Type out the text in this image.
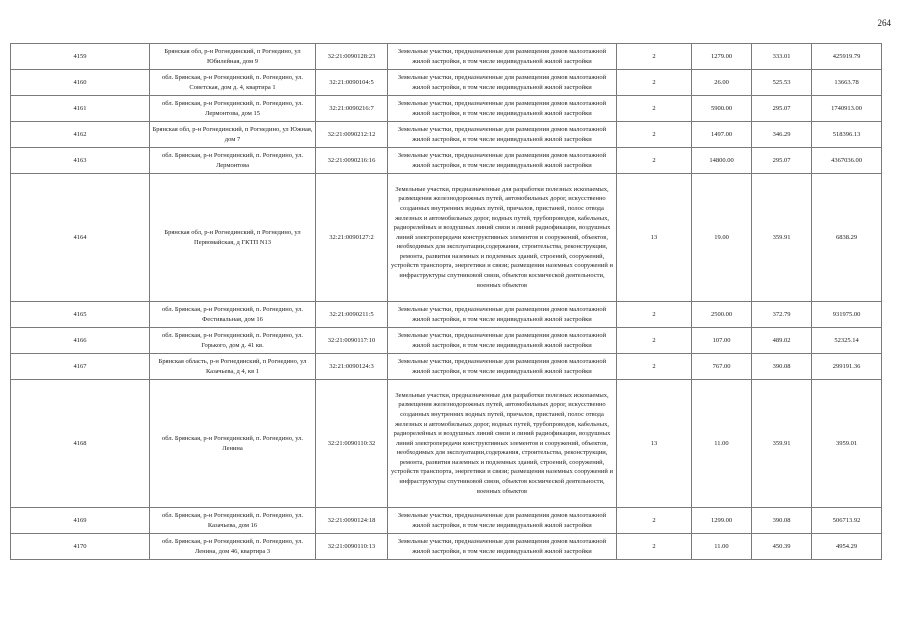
264
4159	Брянская обл, р-н Рогнединский, п Рогнедино, ул Юбилейная, дом 9	32:21:0090128:23	Земельные участки, предназначенные для размещения домов малоэтажной жилой застройки, в том числе индивидуальной жилой застройки	2	1279.00	333.01	425919.79
4160	обл. Брянская, р-н Рогнединский, п. Рогнедино, ул. Советская, дом д. 4, квартира 1	32:21:0090104:5	Земельные участки, предназначенные для размещения домов малоэтажной жилой застройки, в том числе индивидуальной жилой застройки	2	26.00	525.53	13663.78
4161	обл. Брянская, р-н Рогнединский, п. Рогнедино, ул. Лермонтова, дом 15	32:21:0090216:7	Земельные участки, предназначенные для размещения домов малоэтажной жилой застройки, в том числе индивидуальной жилой застройки	2	5900.00	295.07	1740913.00
4162	Брянская обл, р-н Рогнединский, п Рогнедино, ул Южная, дом 7	32:21:0090212:12	Земельные участки, предназначенные для размещения домов малоэтажной жилой застройки, в том числе индивидуальной жилой застройки	2	1497.00	346.29	518396.13
4163	обл. Брянская, р-н Рогнединский, п. Рогнедино, ул. Лермонтова	32:21:0090216:16	Земельные участки, предназначенные для размещения домов малоэтажной жилой застройки, в том числе индивидуальной жилой застройки	2	14800.00	295.07	4367036.00
4164	Брянская обл, р-н Рогнединский, п Рогнедино, ул Первомайская, д ГКТП N13	32:21:0090127:2	Земельные участки, предназначенные для разработки полезных ископаемых, размещения железнодорожных путей, автомобильных дорог, искусственно созданных внутренних водных путей, причалов, пристаней, полос отвода железных и автомобильных дорог, водных путей, трубопроводов, кабельных, радиорелейных и воздушных линий связи и линий радиофикации, воздушных линий электропередачи конструктивных элементов и сооружений, объектов, необходимых для эксплуатации,содержания, строительства, реконструкции, ремонта, развития наземных и подземных зданий, строений, сооружений, устройств транспорта, энергетики и связи; размещения наземных сооружений и инфраструктуры спутниковой связи, объектов космической деятельности, военных объектов	13	19.00	359.91	6838.29
4165	обл. Брянская, р-н Рогнединский, п. Рогнедино, ул. Фестивальная, дом 16	32:21:0090211:5	Земельные участки, предназначенные для размещения домов малоэтажной жилой застройки, в том числе индивидуальной жилой застройки	2	2500.00	372.79	931975.00
4166	обл. Брянская, р-н Рогнединский, п. Рогнедино, ул. Горького, дом д. 41 кв.	32:21:0090117:10	Земельные участки, предназначенные для размещения домов малоэтажной жилой застройки, в том числе индивидуальной жилой застройки	2	107.00	489.02	52325.14
4167	Брянская область, р-н Рогнединский, п Рогнедино, ул Казачьева, д 4, кв 1	32:21:0090124:3	Земельные участки, предназначенные для размещения домов малоэтажной жилой застройки, в том числе индивидуальной жилой застройки	2	767.00	390.08	299191.36
4168	обл. Брянская, р-н Рогнединский, п. Рогнедино, ул. Ленина	32:21:0090110:32	Земельные участки, предназначенные для разработки полезных ископаемых, размещения железнодорожных путей, автомобильных дорог, искусственно созданных внутренних водных путей, причалов, пристаней, полос отвода железных и автомобильных дорог, водных путей, трубопроводов, кабельных, радиорелейных и воздушных линий связи и линий радиофикации, воздушных линий электропередачи конструктивных элементов и сооружений, объектов, необходимых для эксплуатации,содержания, строительства, реконструкции, ремонта, развития наземных и подземных зданий, строений, сооружений, устройств транспорта, энергетики и связи; размещения наземных сооружений и инфраструктуры спутниковой связи, объектов космической деятельности, военных объектов	13	11.00	359.91	3959.01
4169	обл. Брянская, р-н Рогнединский, п. Рогнедино, ул. Казачьева, дом 16	32:21:0090124:18	Земельные участки, предназначенные для размещения домов малоэтажной жилой застройки, в том числе индивидуальной жилой застройки	2	1299.00	390.08	506713.92
4170	обл. Брянская, р-н Рогнединский, п. Рогнедино, ул. Ленина, дом 46, квартира 3	32:21:0090110:13	Земельные участки, предназначенные для размещения домов малоэтажной жилой застройки, в том числе индивидуальной жилой застройки	2	11.00	450.39	4954.29
